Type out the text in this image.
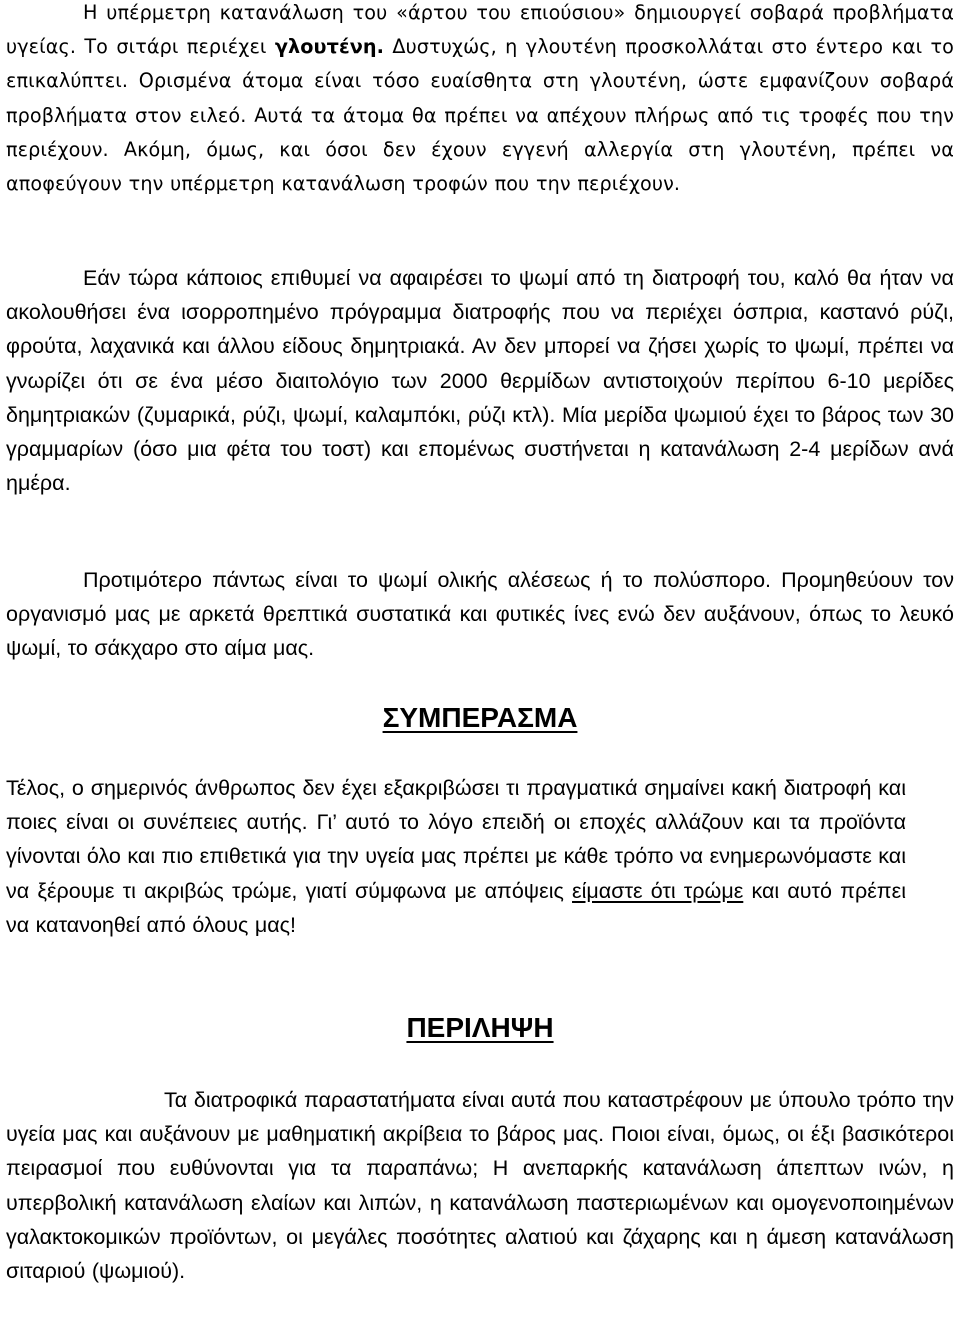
Η υπέρμετρη κατανάλωση του «άρτου του επιούσιου» δημιουργεί σοβαρά προβλήματα υγείας. Το σιτάρι περιέχει γλουτένη. Δυστυχώς, η γλουτένη προσκολλάται στο έντερο και το επικαλύπτει. Ορισμένα άτομα είναι τόσο ευαίσθητα στη γλουτένη, ώστε εμφανίζουν σοβαρά προβλήματα στον ειλεό. Αυτά τα άτομα θα πρέπει να απέχουν πλήρως από τις τροφές που την περιέχουν. Ακόμη, όμως, και όσοι δεν έχουν εγγενή αλλεργία στη γλουτένη, πρέπει να αποφεύγουν την υπέρμετρη κατανάλωση τροφών που την περιέχουν.

Εάν τώρα κάποιος επιθυμεί να αφαιρέσει το ψωμί από τη διατροφή του, καλό θα ήταν να ακολουθήσει ένα ισορροπημένο πρόγραμμα διατροφής που να περιέχει όσπρια, καστανό ρύζι, φρούτα, λαχανικά και άλλου είδους δημητριακά. Αν δεν μπορεί να ζήσει χωρίς το ψωμί, πρέπει να γνωρίζει ότι σε ένα μέσο διαιτολόγιο των 2000 θερμίδων αντιστοιχούν περίπου 6-10 μερίδες δημητριακών (ζυμαρικά, ρύζι, ψωμί, καλαμπόκι, ρύζι κτλ). Μία μερίδα ψωμιού έχει το βάρος των 30 γραμμαρίων (όσο μια φέτα του τοστ) και επομένως συστήνεται η κατανάλωση 2-4 μερίδων ανά ημέρα.

Προτιμότερο πάντως είναι το ψωμί ολικής αλέσεως ή το πολύσπορο. Προμηθεύουν τον οργανισμό μας με αρκετά θρεπτικά συστατικά και φυτικές ίνες ενώ δεν αυξάνουν, όπως το λευκό ψωμί, το σάκχαρο στο αίμα μας.

ΣΥΜΠΕΡΑΣΜΑ

Τέλος, ο σημερινός άνθρωπος δεν έχει εξακριβώσει τι πραγματικά σημαίνει κακή διατροφή και ποιες είναι οι συνέπειες αυτής. Γι’ αυτό το λόγο επειδή οι εποχές αλλάζουν και τα προϊόντα γίνονται όλο και πιο επιθετικά για την υγεία μας πρέπει με κάθε τρόπο να ενημερωνόμαστε και να ξέρουμε τι ακριβώς τρώμε, γιατί σύμφωνα με απόψεις είμαστε ότι τρώμε και αυτό πρέπει να κατανοηθεί από όλους μας!

ΠΕΡΙΛΗΨΗ

Τα διατροφικά παραστατήματα είναι αυτά που καταστρέφουν με ύπουλο τρόπο την υγεία μας και αυξάνουν με μαθηματική ακρίβεια το βάρος μας. Ποιοι είναι, όμως, οι έξι βασικότεροι πειρασμοί που ευθύνονται για τα παραπάνω; Η ανεπαρκής κατανάλωση άπεπτων ινών, η υπερβολική κατανάλωση ελαίων και λιπών, η κατανάλωση παστεριωμένων και ομογενοποιημένων γαλακτοκομικών προϊόντων, οι μεγάλες ποσότητες αλατιού και ζάχαρης και η άμεση κατανάλωση σιταριού (ψωμιού).
